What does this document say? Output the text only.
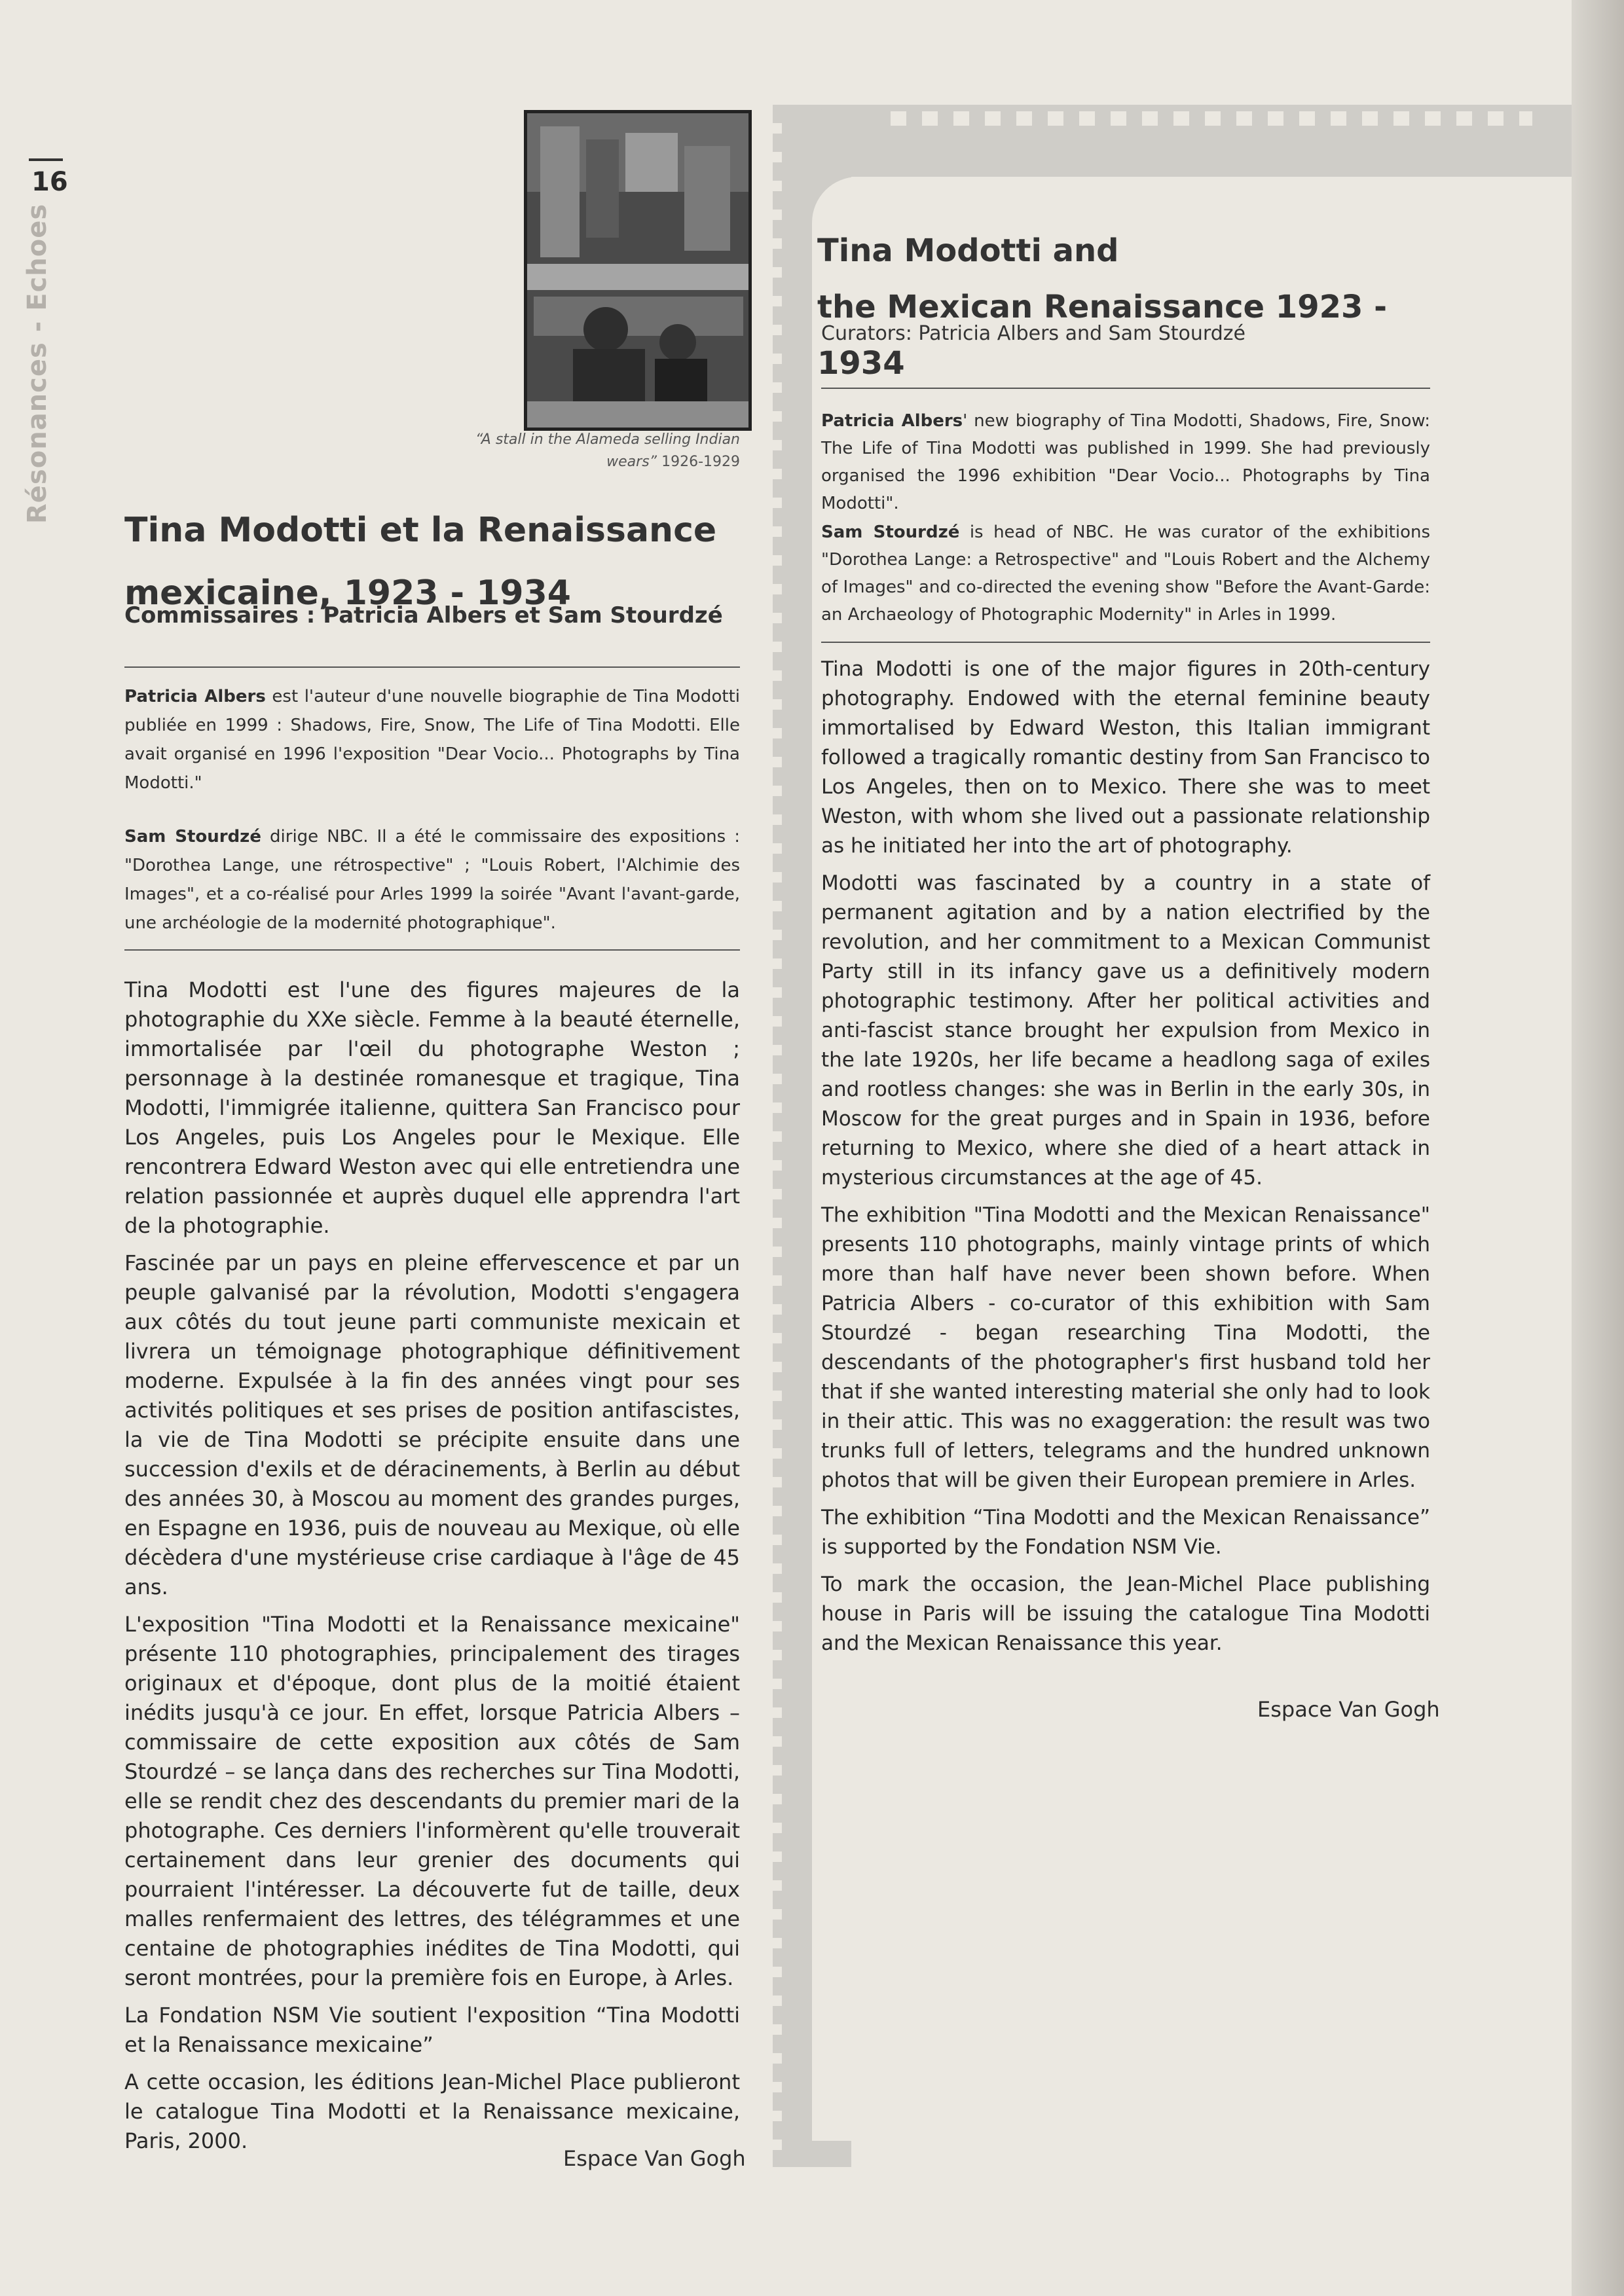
16
Résonances - Echoes	“A stall in the Alameda selling Indian wears” 1926-1929
Tina Modotti et la Renaissance mexicaine, 1923 - 1934
Commissaires : Patricia Albers et Sam Stourdzé
Patricia Albers est l'auteur d'une nouvelle biographie de Tina Modotti publiée en 1999 : Shadows, Fire, Snow, The Life of Tina Modotti. Elle avait organisé en 1996 l'exposition "Dear Vocio... Photographs by Tina Modotti."
Sam Stourdzé dirige NBC. Il a été le commissaire des expositions : "Dorothea Lange, une rétrospective" ; "Louis Robert, l'Alchimie des Images", et a co-réalisé pour Arles 1999 la soirée "Avant l'avant-garde, une archéologie de la modernité photographique".

Tina Modotti est l'une des figures majeures de la photographie du XXe siècle. Femme à la beauté éternelle, immortalisée par l'œil du photographe Weston ; personnage à la destinée romanesque et tragique, Tina Modotti, l'immigrée italienne, quittera San Francisco pour Los Angeles, puis Los Angeles pour le Mexique. Elle rencontrera Edward Weston avec qui elle entretiendra une relation passionnée et auprès duquel elle apprendra l'art de la photographie.

Fascinée par un pays en pleine effervescence et par un peuple galvanisé par la révolution, Modotti s'engagera aux côtés du tout jeune parti communiste mexicain et livrera un témoignage photographique définitivement moderne. Expulsée à la fin des années vingt pour ses activités politiques et ses prises de position antifascistes, la vie de Tina Modotti se précipite ensuite dans une succession d'exils et de déracinements, à Berlin au début des années 30, à Moscou au moment des grandes purges, en Espagne en 1936, puis de nouveau au Mexique, où elle décèdera d'une mystérieuse crise cardiaque à l'âge de 45 ans.

L'exposition "Tina Modotti et la Renaissance mexicaine" présente 110 photographies, principalement des tirages originaux et d'époque, dont plus de la moitié étaient inédits jusqu'à ce jour. En effet, lorsque Patricia Albers – commissaire de cette exposition aux côtés de Sam Stourdzé – se lança dans des recherches sur Tina Modotti, elle se rendit chez des descendants du premier mari de la photographe. Ces derniers l'informèrent qu'elle trouverait certainement dans leur grenier des documents qui pourraient l'intéresser. La découverte fut de taille, deux malles renfermaient des lettres, des télégrammes et une centaine de photographies inédites de Tina Modotti, qui seront montrées, pour la première fois en Europe, à Arles.

La Fondation NSM Vie soutient l'exposition “Tina Modotti et la Renaissance mexicaine”

A cette occasion, les éditions Jean-Michel Place publieront le catalogue Tina Modotti et la Renaissance mexicaine, Paris, 2000.

Espace Van Gogh
Tina Modotti and
the Mexican Renaissance 1923 - 1934
Curators: Patricia Albers and Sam Stourdzé
Patricia Albers' new biography of Tina Modotti, Shadows, Fire, Snow: The Life of Tina Modotti was published in 1999. She had previously organised the 1996 exhibition "Dear Vocio... Photographs by Tina Modotti".
Sam Stourdzé is head of NBC. He was curator of the exhibitions "Dorothea Lange: a Retrospective" and "Louis Robert and the Alchemy of Images" and co-directed the evening show "Before the Avant-Garde: an Archaeology of Photographic Modernity" in Arles in 1999.

Tina Modotti is one of the major figures in 20th-century photography. Endowed with the eternal feminine beauty immortalised by Edward Weston, this Italian immigrant followed a tragically romantic destiny from San Francisco to Los Angeles, then on to Mexico. There she was to meet Weston, with whom she lived out a passionate relationship as he initiated her into the art of photography.

Modotti was fascinated by a country in a state of permanent agitation and by a nation electrified by the revolution, and her commitment to a Mexican Communist Party still in its infancy gave us a definitively modern photographic testimony. After her political activities and anti-fascist stance brought her expulsion from Mexico in the late 1920s, her life became a headlong saga of exiles and rootless changes: she was in Berlin in the early 30s, in Moscow for the great purges and in Spain in 1936, before returning to Mexico, where she died of a heart attack in mysterious circumstances at the age of 45.

The exhibition "Tina Modotti and the Mexican Renaissance" presents 110 photographs, mainly vintage prints of which more than half have never been shown before. When Patricia Albers - co-curator of this exhibition with Sam Stourdzé - began researching Tina Modotti, the descendants of the photographer's first husband told her that if she wanted interesting material she only had to look in their attic. This was no exaggeration: the result was two trunks full of letters, telegrams and the hundred unknown photos that will be given their European premiere in Arles.

The exhibition “Tina Modotti and the Mexican Renaissance” is supported by the Fondation NSM Vie.

To mark the occasion, the Jean-Michel Place publishing house in Paris will be issuing the catalogue Tina Modotti and the Mexican Renaissance this year.

Espace Van Gogh
